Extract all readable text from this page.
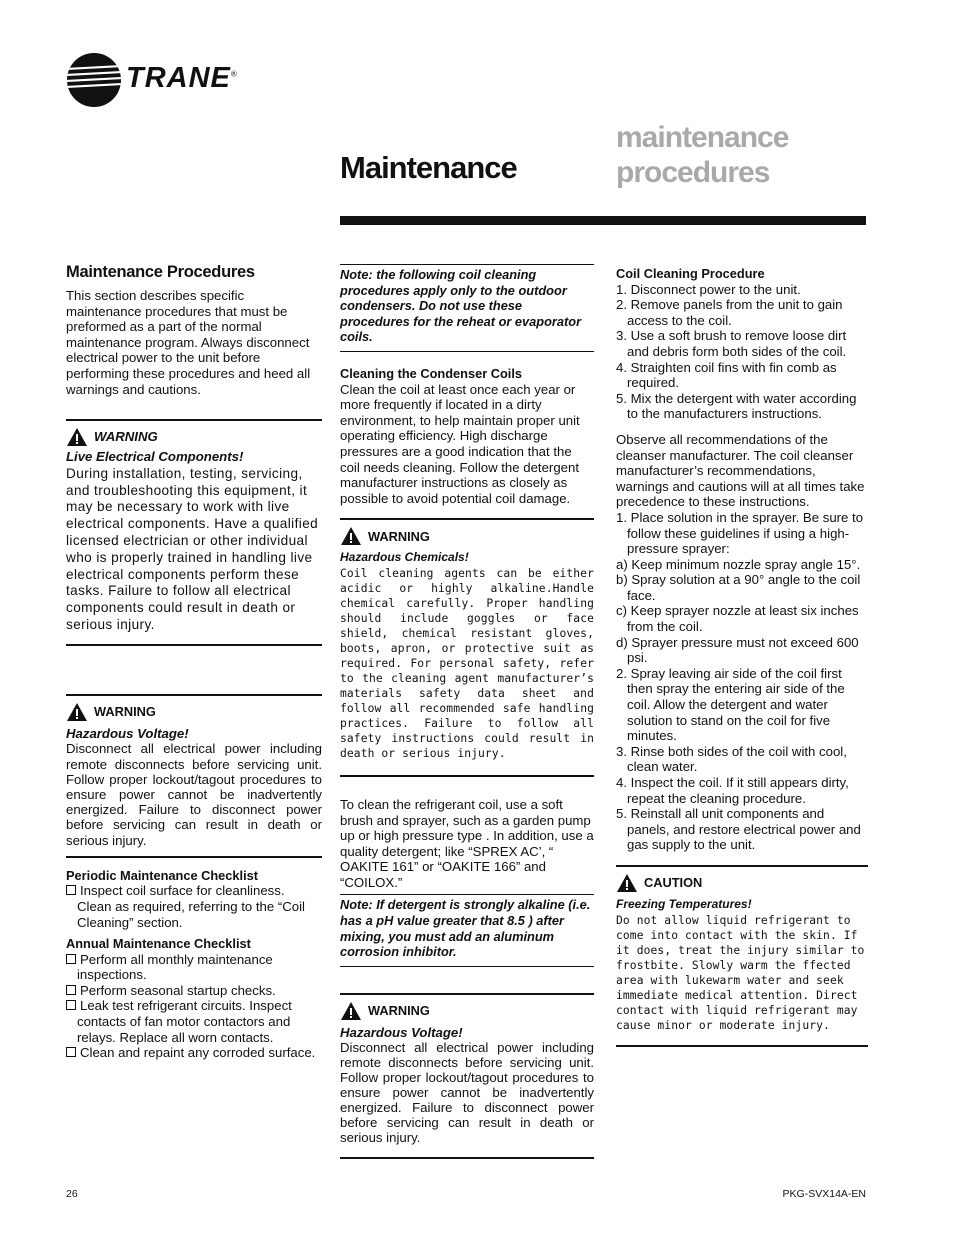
TRANE®
Maintenance
maintenance
procedures
Maintenance Procedures

This section describes specific maintenance procedures that must be preformed as a part of the normal maintenance program. Always disconnect electrical power to the unit before performing these procedures and heed all warnings and cautions.

WARNING
Live Electrical Components!

During installation, testing, servicing, and troubleshooting this equipment, it may be necessary to work with live electrical components. Have a qualified licensed electrician or other individual who is properly trained in handling live electrical components perform these tasks. Failure to follow all electrical components could result in death or serious injury.

WARNING
Hazardous Voltage!

Disconnect all electrical power including remote disconnects before servicing unit. Follow proper lockout/tagout procedures to ensure power cannot be inadvertently energized. Failure to disconnect power before servicing can result in death or serious injury.

Periodic Maintenance Checklist

Inspect coil surface for cleanliness. Clean as required, referring to the “Coil Cleaning” section.

Annual Maintenance Checklist

Perform all monthly maintenance inspections.
Perform seasonal startup checks.
Leak test refrigerant circuits. Inspect contacts of fan motor contactors and relays. Replace all worn contacts.
Clean and repaint any corroded surface.

Note: the following coil cleaning procedures apply only to the outdoor condensers. Do not use these procedures for the reheat or evaporator coils.

Cleaning the Condenser Coils

Clean the coil at least once each year or more frequently if located in a dirty environment, to help maintain proper unit operating efficiency. High discharge pressures are a good indication that the coil needs cleaning. Follow the detergent manufacturer instructions as closely as possible to avoid potential coil damage.

WARNING
Hazardous Chemicals!

Coil cleaning agents can be either acidic or highly alkaline.Handle chemical carefully. Proper handling should include goggles or face shield, chemical resistant gloves, boots, apron, or protective suit as required. For personal safety, refer to the cleaning agent manufacturer’s materials safety data sheet and follow all recommended safe handling practices. Failure to follow all safety instructions could result in death or serious injury.

To clean the refrigerant coil, use a soft brush and sprayer, such as a garden pump up or high pressure type . In addition, use a quality detergent; like “SPREX AC’, “ OAKITE 161” or “OAKITE 166” and “COILOX.”

Note: If detergent is strongly alkaline (i.e. has a pH value greater that 8.5 ) after mixing, you must add an aluminum corrosion inhibitor.

WARNING
Hazardous Voltage!

Disconnect all electrical power including remote disconnects before servicing unit. Follow proper lockout/tagout procedures to ensure power cannot be inadvertently energized. Failure to disconnect power before servicing can result in death or serious injury.

Coil Cleaning Procedure

1. Disconnect power to the unit.
2. Remove panels from the unit to gain access to the coil.
3. Use a soft brush to remove loose dirt and debris form both sides of the coil.
4. Straighten coil fins with fin comb as required.
5. Mix the detergent with water according to the manufacturers instructions.

Observe all recommendations of the cleanser manufacturer. The coil cleanser manufacturer’s recommendations, warnings and cautions will at all times take precedence to these instructions.

1. Place solution in the sprayer. Be sure to follow these guidelines if using a high-pressure sprayer:
a) Keep minimum nozzle spray angle 15°.
b) Spray solution at a 90° angle to the coil face.
c) Keep sprayer nozzle at least six inches from the coil.
d) Sprayer pressure must not exceed 600 psi.
2. Spray leaving air side of the coil first then spray the entering air side of the coil. Allow the detergent and water solution to stand on the coil for five minutes.
3. Rinse both sides of the coil with cool, clean water.
4. Inspect the coil. If it still appears dirty, repeat the cleaning procedure.
5. Reinstall all unit components and panels, and restore electrical power and gas supply to the unit.
CAUTION
Freezing Temperatures!

Do not allow liquid refrigerant to come into contact with the skin. If it does, treat the injury similar to frostbite. Slowly warm the ffected area with lukewarm water and seek immediate medical attention. Direct contact with liquid refrigerant may cause minor or moderate injury.

26	PKG-SVX14A-EN
